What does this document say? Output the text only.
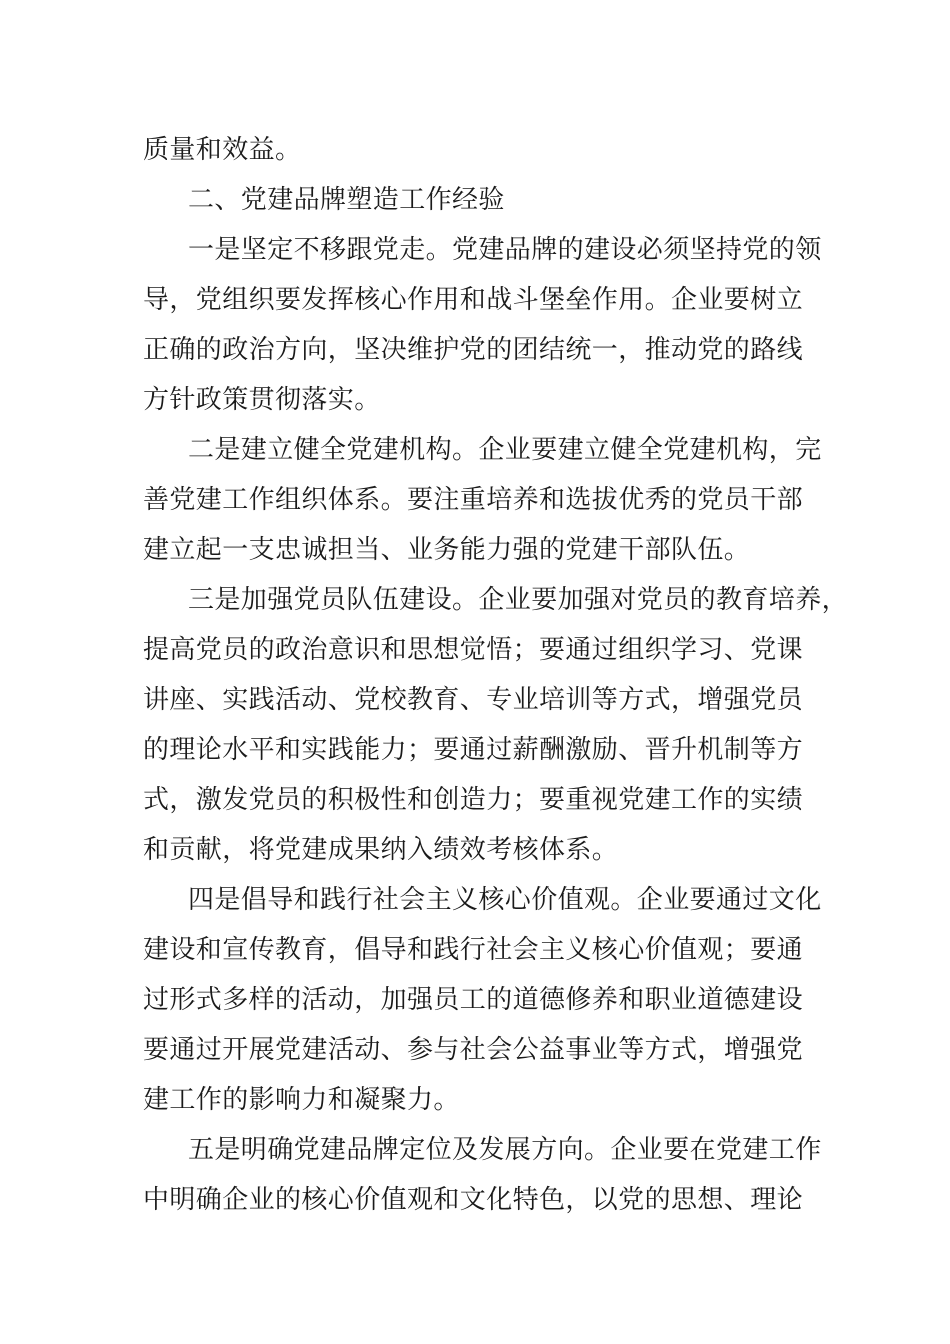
质量和效益。
二、党建品牌塑造工作经验
一是坚定不移跟党走。党建品牌的建设必须坚持党的领
导，党组织要发挥核心作用和战斗堡垒作用。企业要树立
正确的政治方向，坚决维护党的团结统一，推动党的路线
方针政策贯彻落实。
二是建立健全党建机构。企业要建立健全党建机构，完
善党建工作组织体系。要注重培养和选拔优秀的党员干部
建立起一支忠诚担当、业务能力强的党建干部队伍。
三是加强党员队伍建设。企业要加强对党员的教育培养，
提高党员的政治意识和思想觉悟；要通过组织学习、党课
讲座、实践活动、党校教育、专业培训等方式，增强党员
的理论水平和实践能力；要通过薪酬激励、晋升机制等方
式，激发党员的积极性和创造力；要重视党建工作的实绩
和贡献，将党建成果纳入绩效考核体系。
四是倡导和践行社会主义核心价值观。企业要通过文化
建设和宣传教育，倡导和践行社会主义核心价值观；要通
过形式多样的活动，加强员工的道德修养和职业道德建设
要通过开展党建活动、参与社会公益事业等方式，增强党
建工作的影响力和凝聚力。
五是明确党建品牌定位及发展方向。企业要在党建工作
中明确企业的核心价值观和文化特色，以党的思想、理论
